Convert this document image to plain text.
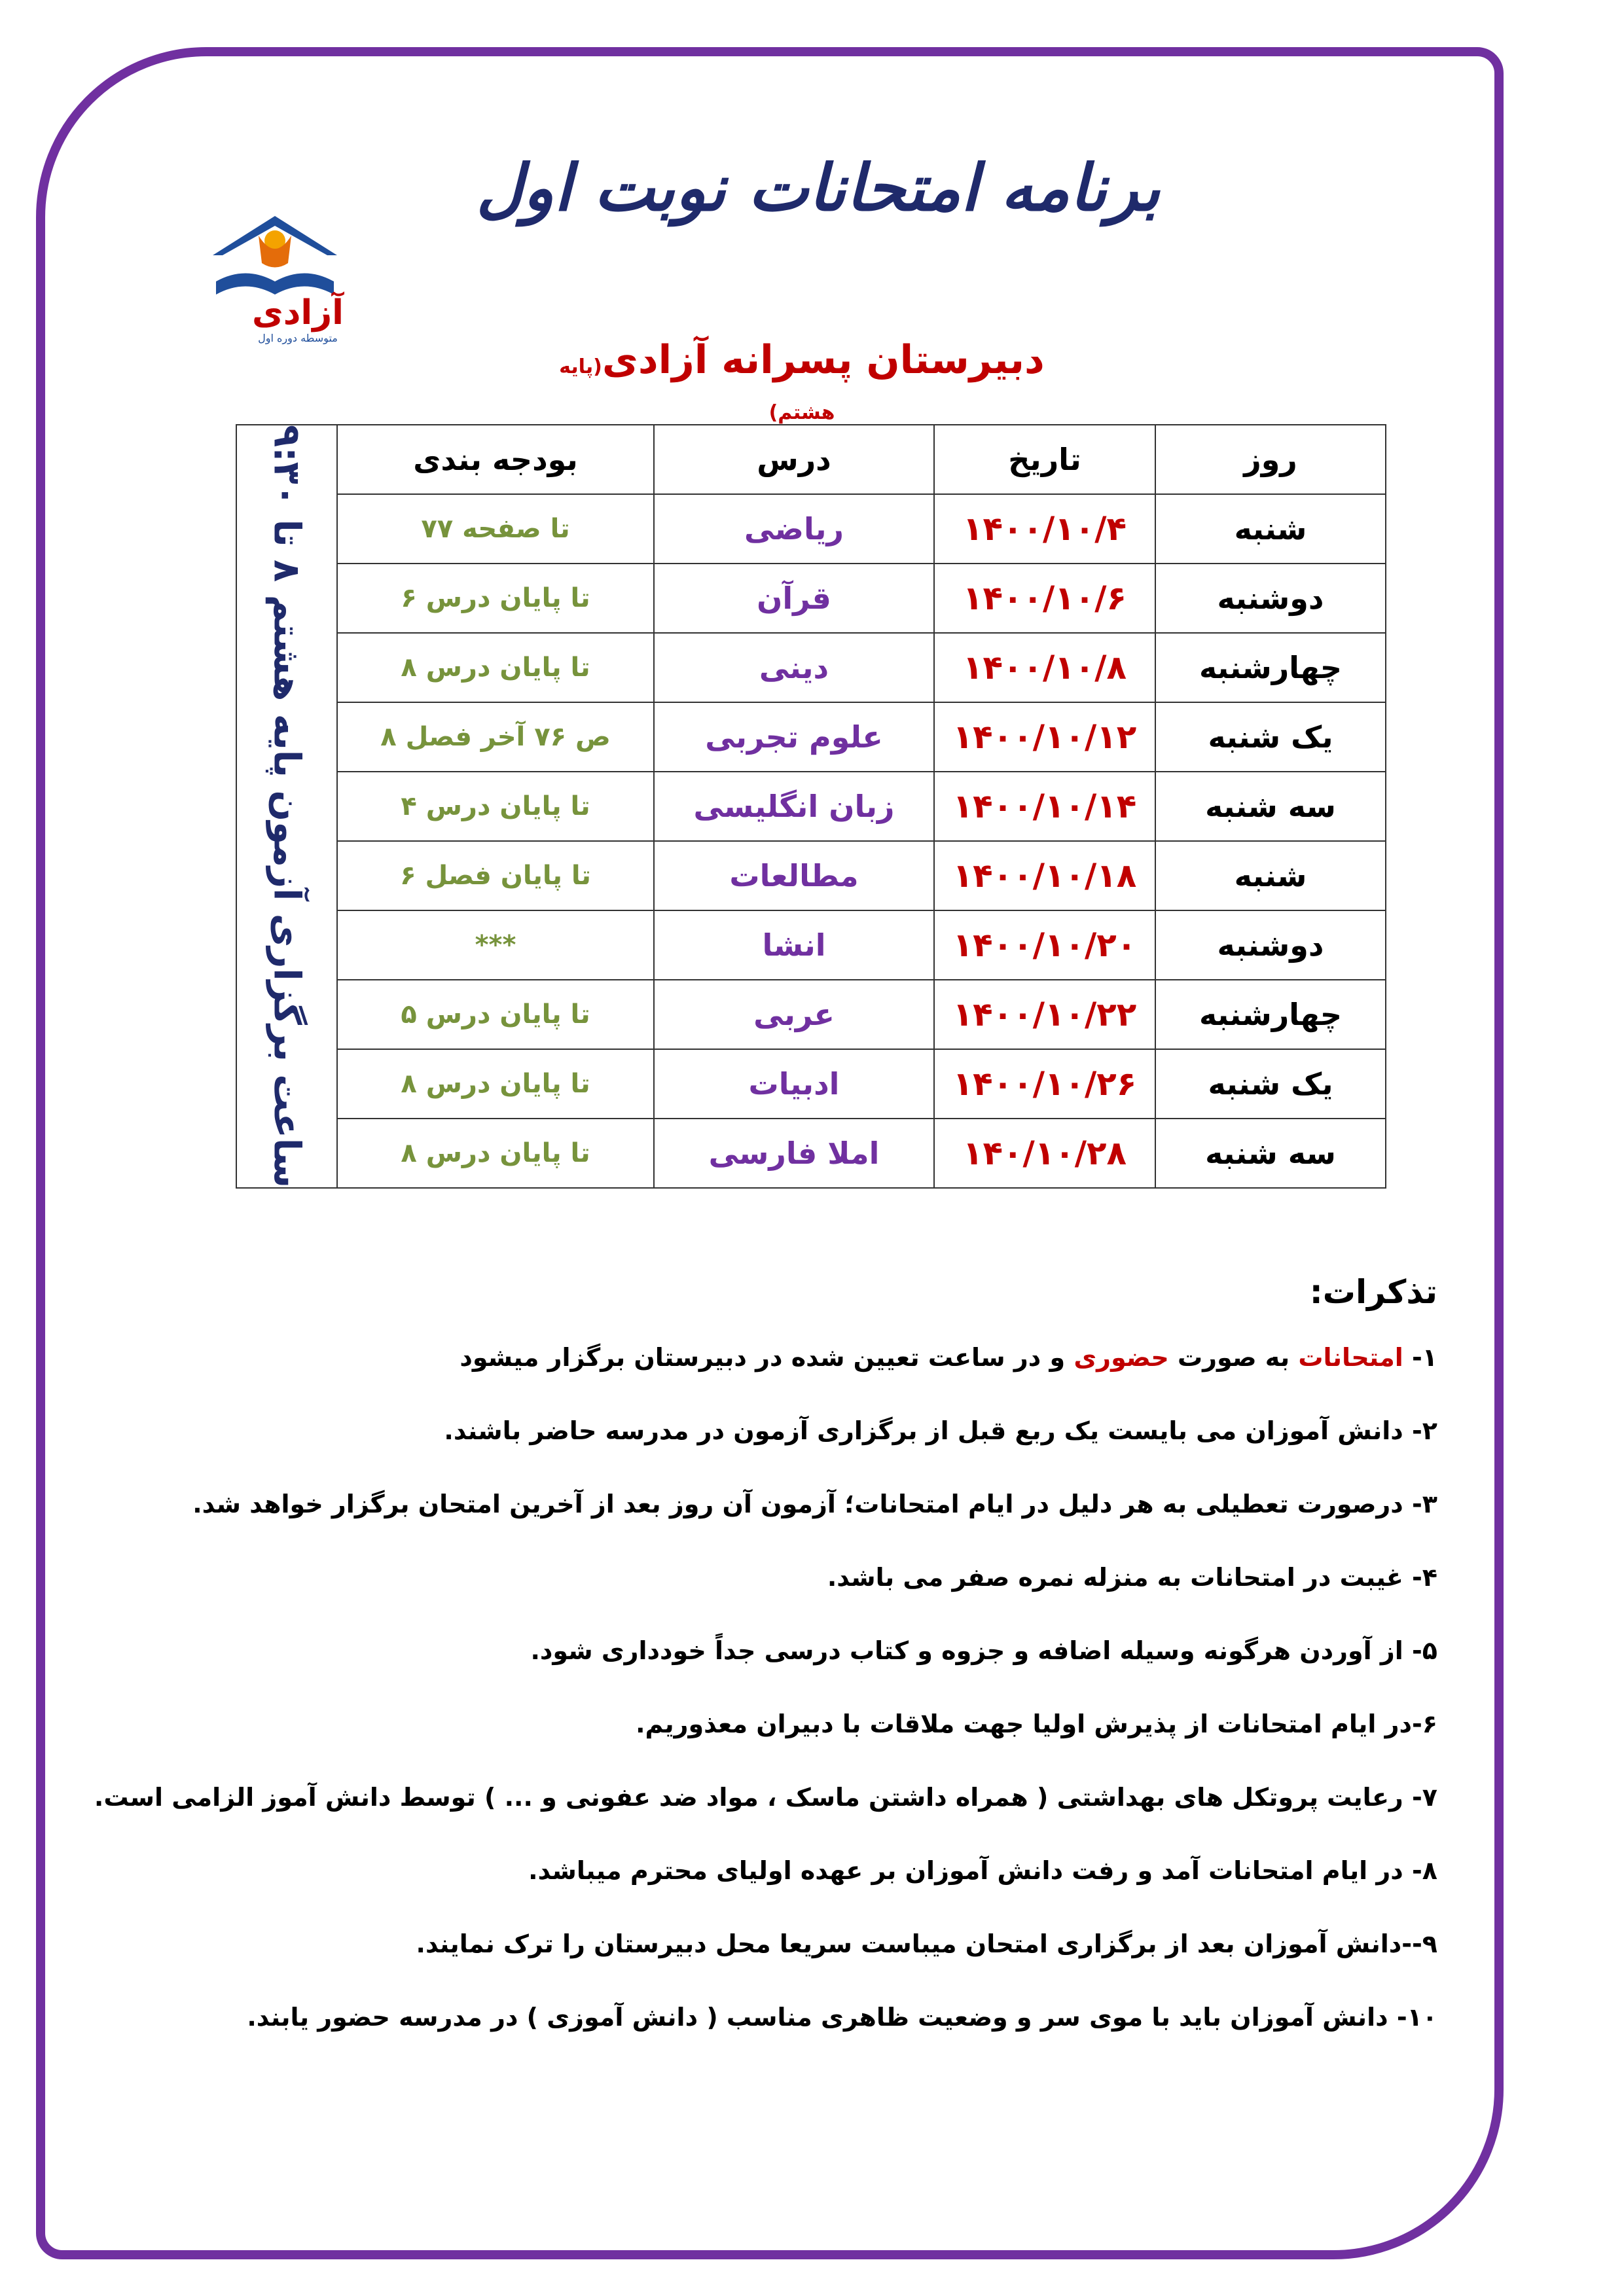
برنامه امتحانات نوبت اول
آزادی
متوسطه دوره اول	دبیرستان پسرانه آزادی(پایه هشتم)
روز	تاریخ	درس	بودجه بندی	ساعت برگزاری آزمون پایه هشتم ۸ تا ۹:۳۰

شنبه	۱۴۰۰/۱۰/۴	ریاضی	تا صفحه ۷۷	
دوشنبه	۱۴۰۰/۱۰/۶	قرآن	تا پایان درس ۶	
چهارشنبه	۱۴۰۰/۱۰/۸	دینی	تا پایان درس ۸	
یک شنبه	۱۴۰۰/۱۰/۱۲	علوم تجربی	ص ۷۶ آخر فصل ۸	
سه شنبه	۱۴۰۰/۱۰/۱۴	زبان انگلیسی	تا پایان درس ۴	
شنبه	۱۴۰۰/۱۰/۱۸	مطالعات	تا پایان فصل ۶	
دوشنبه	۱۴۰۰/۱۰/۲۰	انشا	***	
چهارشنبه	۱۴۰۰/۱۰/۲۲	عربی	تا پایان درس ۵	
یک شنبه	۱۴۰۰/۱۰/۲۶	ادبیات	تا پایان درس ۸	
سه شنبه	۱۴۰/۱۰/۲۸	املا فارسی	تا پایان درس ۸	
تذکرات:
۱- امتحانات به صورت حضوری و در ساعت تعیین شده در دبیرستان برگزار میشود
۲- دانش آموزان می بایست یک ربع قبل از برگزاری آزمون در مدرسه حاضر باشند.
۳- درصورت تعطیلی به هر دلیل در ایام امتحانات؛ آزمون آن روز بعد از آخرین امتحان برگزار خواهد شد.
۴- غیبت در امتحانات به منزله نمره صفر می باشد.
۵- از آوردن هرگونه وسیله اضافه و جزوه و کتاب درسی جداً خودداری شود.
۶-در ایام امتحانات از پذیرش اولیا جهت ملاقات با دبیران معذوریم.
۷- رعایت پروتکل های بهداشتی ( همراه داشتن ماسک ، مواد ضد عفونی و ... ) توسط دانش آموز الزامی است.
۸- در ایام امتحانات آمد و رفت دانش آموزان بر عهده اولیای محترم میباشد.
۹--دانش آموزان بعد از برگزاری امتحان میباست سریعا محل دبیرستان را ترک نمایند.
۱۰- دانش آموزان باید با موی سر و وضعیت ظاهری مناسب ( دانش آموزی ) در مدرسه حضور یابند.
